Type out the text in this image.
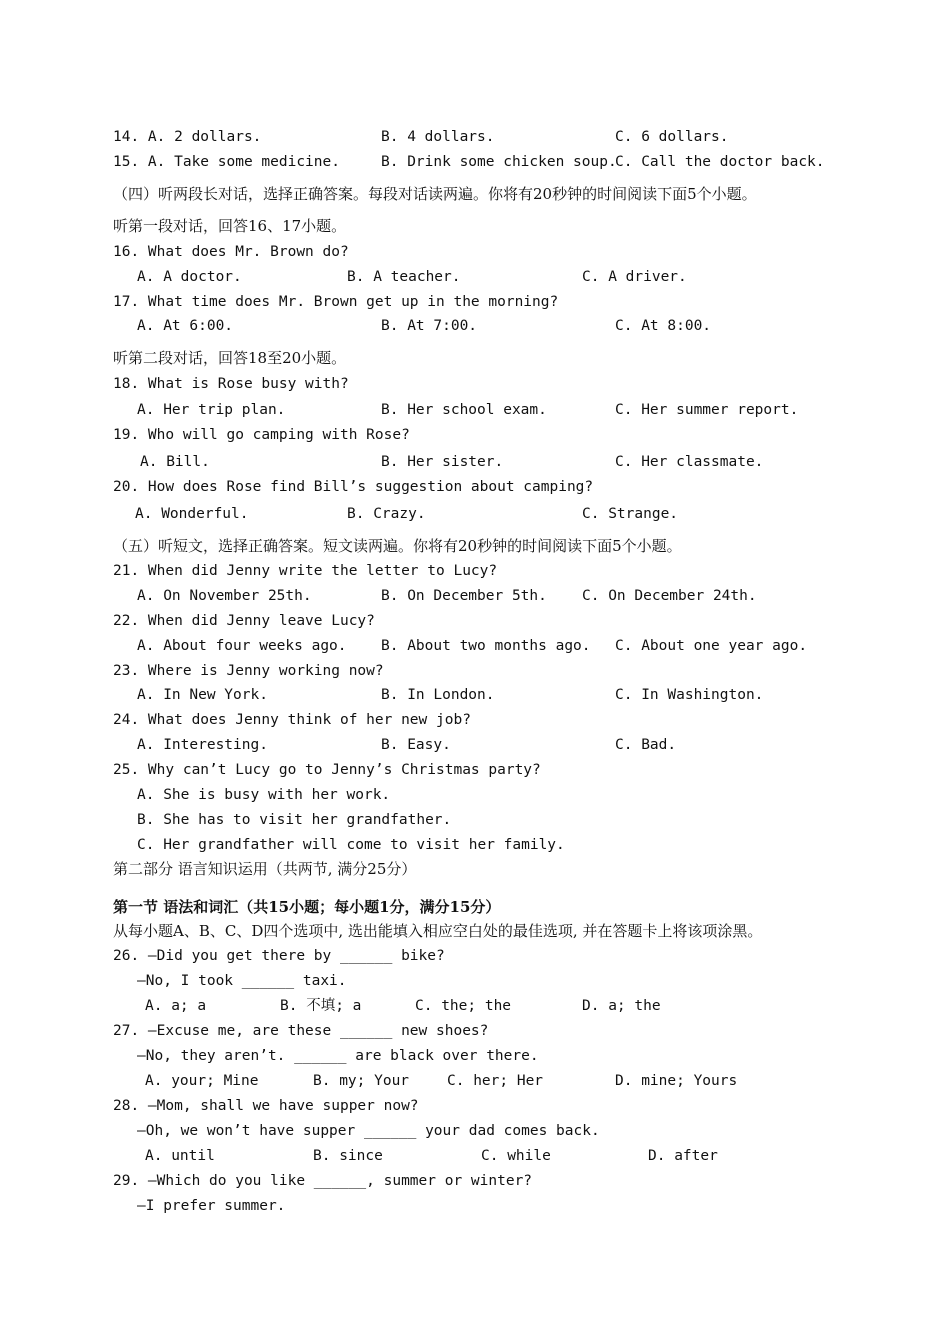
14. A. 2 dollars.	B. 4 dollars.	C. 6 dollars.
15. A. Take some medicine.	B. Drink some chicken soup.
C. Call the doctor back.
（四）听两段长对话，选择正确答案。每段对话读两遍。你将有20秒钟的时间阅读下面5个小题。
听第一段对话，回答16、17小题。
16. What does Mr. Brown do?
A. A doctor.	B. A teacher.	C. A driver.
17. What time does Mr. Brown get up in the morning?
A. At 6:00.	B. At 7:00.	C. At 8:00.
听第二段对话，回答18至20小题。
18. What is Rose busy with?
A. Her trip plan.	B. Her school exam.	C. Her summer report.
19. Who will go camping with Rose?
A. Bill.	B. Her sister.	C. Her classmate.
20. How does Rose find Bill’s suggestion about camping?
A. Wonderful.	B. Crazy.	C. Strange.
（五）听短文，选择正确答案。短文读两遍。你将有20秒钟的时间阅读下面5个小题。
21. When did Jenny write the letter to Lucy?
A. On November 25th.	B. On December 5th. C. On December 24th.
22. When did Jenny leave Lucy?
A. About four weeks ago. B. About two months ago. C. About one year ago.
23. Where is Jenny working now?
A. In New York.	B. In London.	C. In Washington.
24. What does Jenny think of her new job?
A. Interesting.	B. Easy.	C. Bad.
25. Why can’t Lucy go to Jenny’s Christmas party?
A. She is busy with her work.
B. She has to visit her grandfather.
C. Her grandfather will come to visit her family.
第二部分 语言知识运用（共两节, 满分25分）
第一节 语法和词汇（共15小题；每小题1分，满分15分）
从每小题A、B、C、D四个选项中, 选出能填入相应空白处的最佳选项, 并在答题卡上将该项涂黑。
26. —Did you get there by ______ bike?
—No, I took ______ taxi.
A. a; a	B. 不填; a	C. the; the	D. a; the
27. —Excuse me, are these ______ new shoes?
—No, they aren’t. ______ are black over there.
A. your; Mine	B. my; Your	C. her; Her	D. mine; Yours
28. —Mom, shall we have supper now?
—Oh, we won’t have supper ______ your dad comes back.
A. until	B. since	C. while	D. after
29. —Which do you like ______, summer or winter?
—I prefer summer.
